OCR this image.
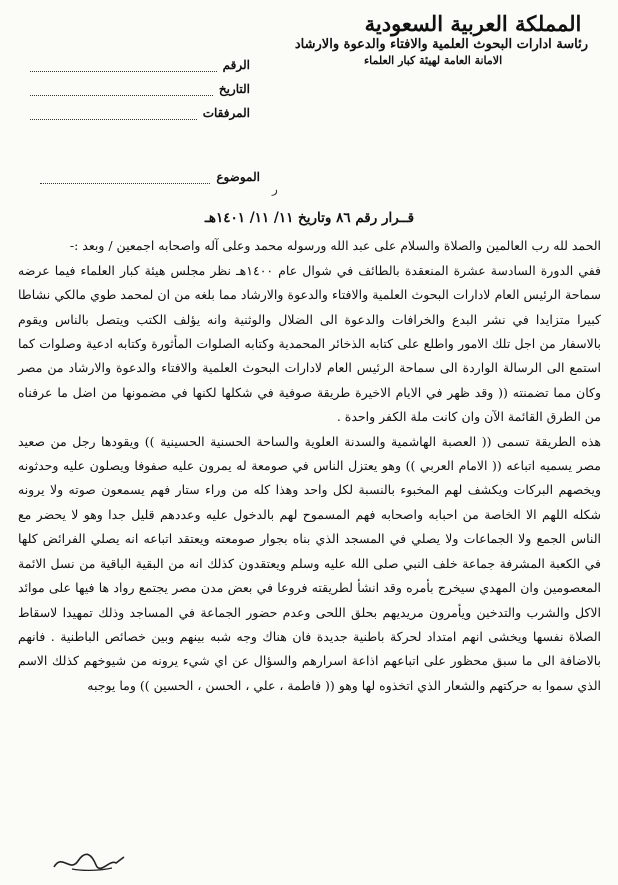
المملكة العربية السعودية
رئاسة ادارات البحوث العلمية والافتاء والدعوة والارشاد
الامانة العامة لهيئة كبار العلماء
الرقم
التاريخ
المرفقات
الموضوع
ر
قــرار رقم ٨٦ وتاريخ ١١/ ١١/ ١٤٠١هـ

الحمد لله رب العالمين والصلاة والسلام على عبد الله ورسوله محمد وعلى آله واصحابه اجمعين / وبعد :-

ففي الدورة السادسة عشرة المنعقدة بالطائف في شوال عام ١٤٠٠هـ نظر مجلس هيئة كبار العلماء فيما عرضه سماحة الرئيس العام لادارات البحوث العلمية والافتاء والدعوة والارشاد مما بلغه من ان لمحمد طوي مالكي نشاطا كبيرا متزايدا في نشر البدع والخرافات والدعوة الى الضلال والوثنية وانه يؤلف الكتب ويتصل بالناس ويقوم بالاسفار من اجل تلك الامور واطلع على كتابه الذخائر المحمدية وكتابه الصلوات المأثورة وكتابه ادعية وصلوات كما استمع الى الرسالة الواردة الى سماحة الرئيس العام لادارات البحوث العلمية والافتاء والدعوة والارشاد من مصر وكان مما تضمنته (( وقد ظهر في الايام الاخيرة طريقة صوفية في شكلها لكنها في مضمونها من اضل ما عرفناه من الطرق القائمة الآن وان كانت ملة الكفر واحدة .

هذه الطريقة تسمى (( العصبة الهاشمية والسدنة العلوية والساحة الحسنية الحسينية )) ويقودها رجل من صعيد مصر يسميه اتباعه (( الامام العربي )) وهو يعتزل الناس في صومعة له يمرون عليه صفوفا ويصلون عليه وحدثونه ويخصهم البركات ويكشف لهم المخبوء بالنسبة لكل واحد وهذا كله من وراء ستار فهم يسمعون صوته ولا يرونه شكله اللهم الا الخاصة من احبابه واصحابه فهم المسموح لهم بالدخول عليه وعددهم قليل جدا وهو لا يحضر مع الناس الجمع ولا الجماعات ولا يصلي في المسجد الذي بناه بجوار صومعته ويعتقد اتباعه انه يصلي الفرائض كلها في الكعبة المشرفة جماعة خلف النبي صلى الله عليه وسلم ويعتقدون كذلك انه من البقية الباقية من نسل الائمة المعصومين وان المهدي سيخرج بأمره وقد انشأ لطريقته فروعا في بعض مدن مصر يجتمع رواد ها فيها على موائد الاكل والشرب والتدخين ويأمرون مريديهم بحلق اللحى وعدم حضور الجماعة في المساجد وذلك تمهيدا لاسقاط الصلاة نفسها ويخشى انهم امتداد لحركة باطنية جديدة فان هناك وجه شبه بينهم وبين خصائص الباطنية . فانهم بالاضافة الى ما سبق محظور على اتباعهم اذاعة اسرارهم والسؤال عن اي شيء يرونه من شيوخهم كذلك الاسم الذي سموا به حركتهم والشعار الذي اتخذوه لها وهو (( فاطمة ، علي ، الحسن ، الحسين )) وما يوجبه
